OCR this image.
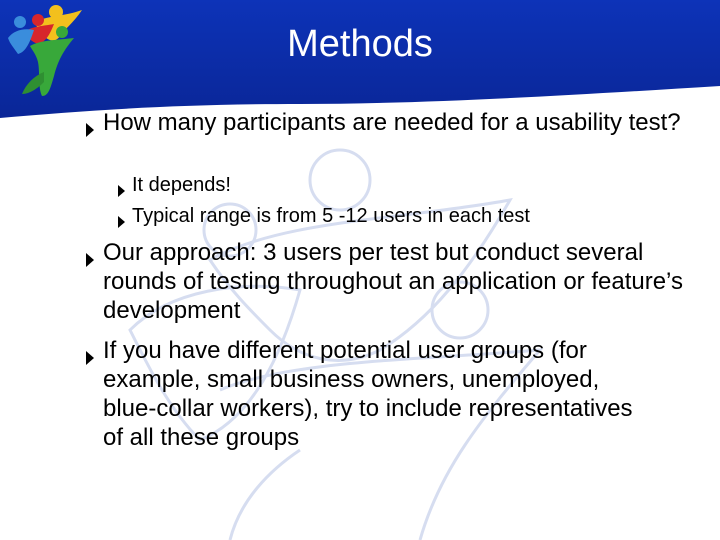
Methods
How many participants are needed for a usability test?
It depends!
Typical range is from 5 -12 users in each test
Our approach: 3 users per test but conduct several rounds of testing throughout an application or feature’s development
If you have different potential user groups (for example, small business owners, unemployed, blue-collar workers), try to include representatives of all these groups
